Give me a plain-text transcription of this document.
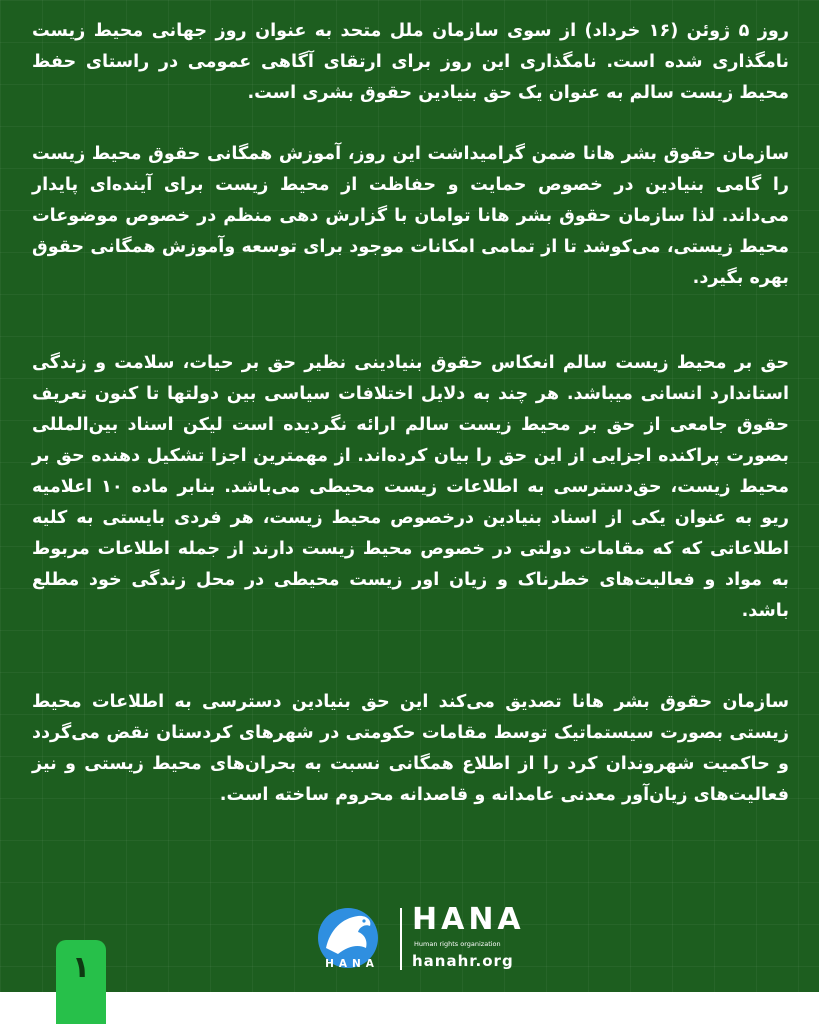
روز ۵ ژوئن (۱۶ خرداد) از سوی سازمان ملل متحد به عنوان روز جهانی محیط زیست نامگذاری شده است. نامگذاری این روز برای ارتقای آگاهی عمومی در راستای حفظ محیط زیست سالم به عنوان یک حق بنیادین حقوق بشری است.

سازمان حقوق بشر هانا ضمن گرامیداشت این روز، آموزش همگانی حقوق محیط زیست را گامی بنیادین در خصوص حمایت و حفاظت از محیط زیست برای آینده‌ای پایدار می‌داند. لذا سازمان حقوق بشر هانا توامان با گزارش دهی منظم در خصوص موضوعات محیط زیستی، می‌کوشد تا از تمامی امکانات موجود برای توسعه وآموزش همگانی حقوق بهره بگیرد.

حق بر محیط زیست سالم انعکاس حقوق بنیادینی نظیر حق بر حیات، سلامت و زندگی استاندارد انسانی میباشد. هر چند به دلایل اختلافات سیاسی بین دولتها تا کنون تعریف حقوق جامعی از حق بر محیط زیست سالم ارائه نگردیده است لیکن اسناد بین‌المللی بصورت پراکنده اجزایی از این حق را بیان کرده‌اند. از مهمترین اجزا تشکیل دهنده حق بر محیط زیست، حق‌دسترسی به اطلاعات زیست محیطی می‌باشد. بنابر ماده ۱۰ اعلامیه ریو به عنوان یکی از اسناد بنیادین درخصوص محیط زیست، هر فردی بایستی به کلیه اطلاعاتی که که مقامات دولتی در خصوص محیط زیست دارند از جمله اطلاعات مربوط به مواد و فعالیت‌های خطرناک و زیان اور زیست محیطی در محل زندگی خود مطلع باشد.

سازمان حقوق بشر هانا تصدیق می‌کند این حق بنیادین دسترسی به اطلاعات محیط زیستی بصورت سیستماتیک توسط مقامات حکومتی در شهرهای کردستان نقض می‌گردد و حاکمیت شهروندان کرد را از اطلاع همگانی نسبت به بحران‌های محیط زیستی و نیز فعالیت‌های زیان‌آور معدنی عامدانه و قاصدانه محروم ساخته است.

HANA
HANA
Human rights organization
hanahr.org
۱
